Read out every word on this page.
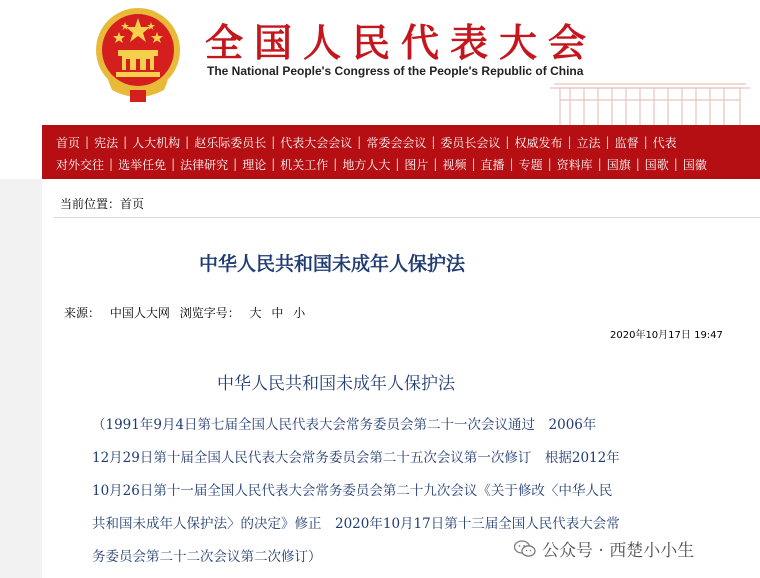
全国人民代表大会
The National People's Congress of the People's Republic of China
首页 | 宪法 | 人大机构 | 赵乐际委员长 | 代表大会会议 | 常委会会议 | 委员长会议 | 权威发布 | 立法 | 监督 | 代表
对外交往 | 选举任免 | 法律研究 | 理论 | 机关工作 | 地方人大 | 图片 | 视频 | 直播 | 专题 | 资料库 | 国旗 | 国歌 | 国徽
当前位置：首页
中华人民共和国未成年人保护法
来源： 中国人大网 浏览字号： 大 中 小
2020年10月17日 19:47
中华人民共和国未成年人保护法

（1991年9月4日第七届全国人民代表大会常务委员会第二十一次会议通过　2006年

12月29日第十届全国人民代表大会常务委员会第二十五次会议第一次修订　根据2012年

10月26日第十一届全国人民代表大会常务委员会第二十九次会议《关于修改〈中华人民

共和国未成年人保护法〉的决定》修正　2020年10月17日第十三届全国人民代表大会常

务委员会第二十二次会议第二次修订）	公众号 · 西楚小小生
